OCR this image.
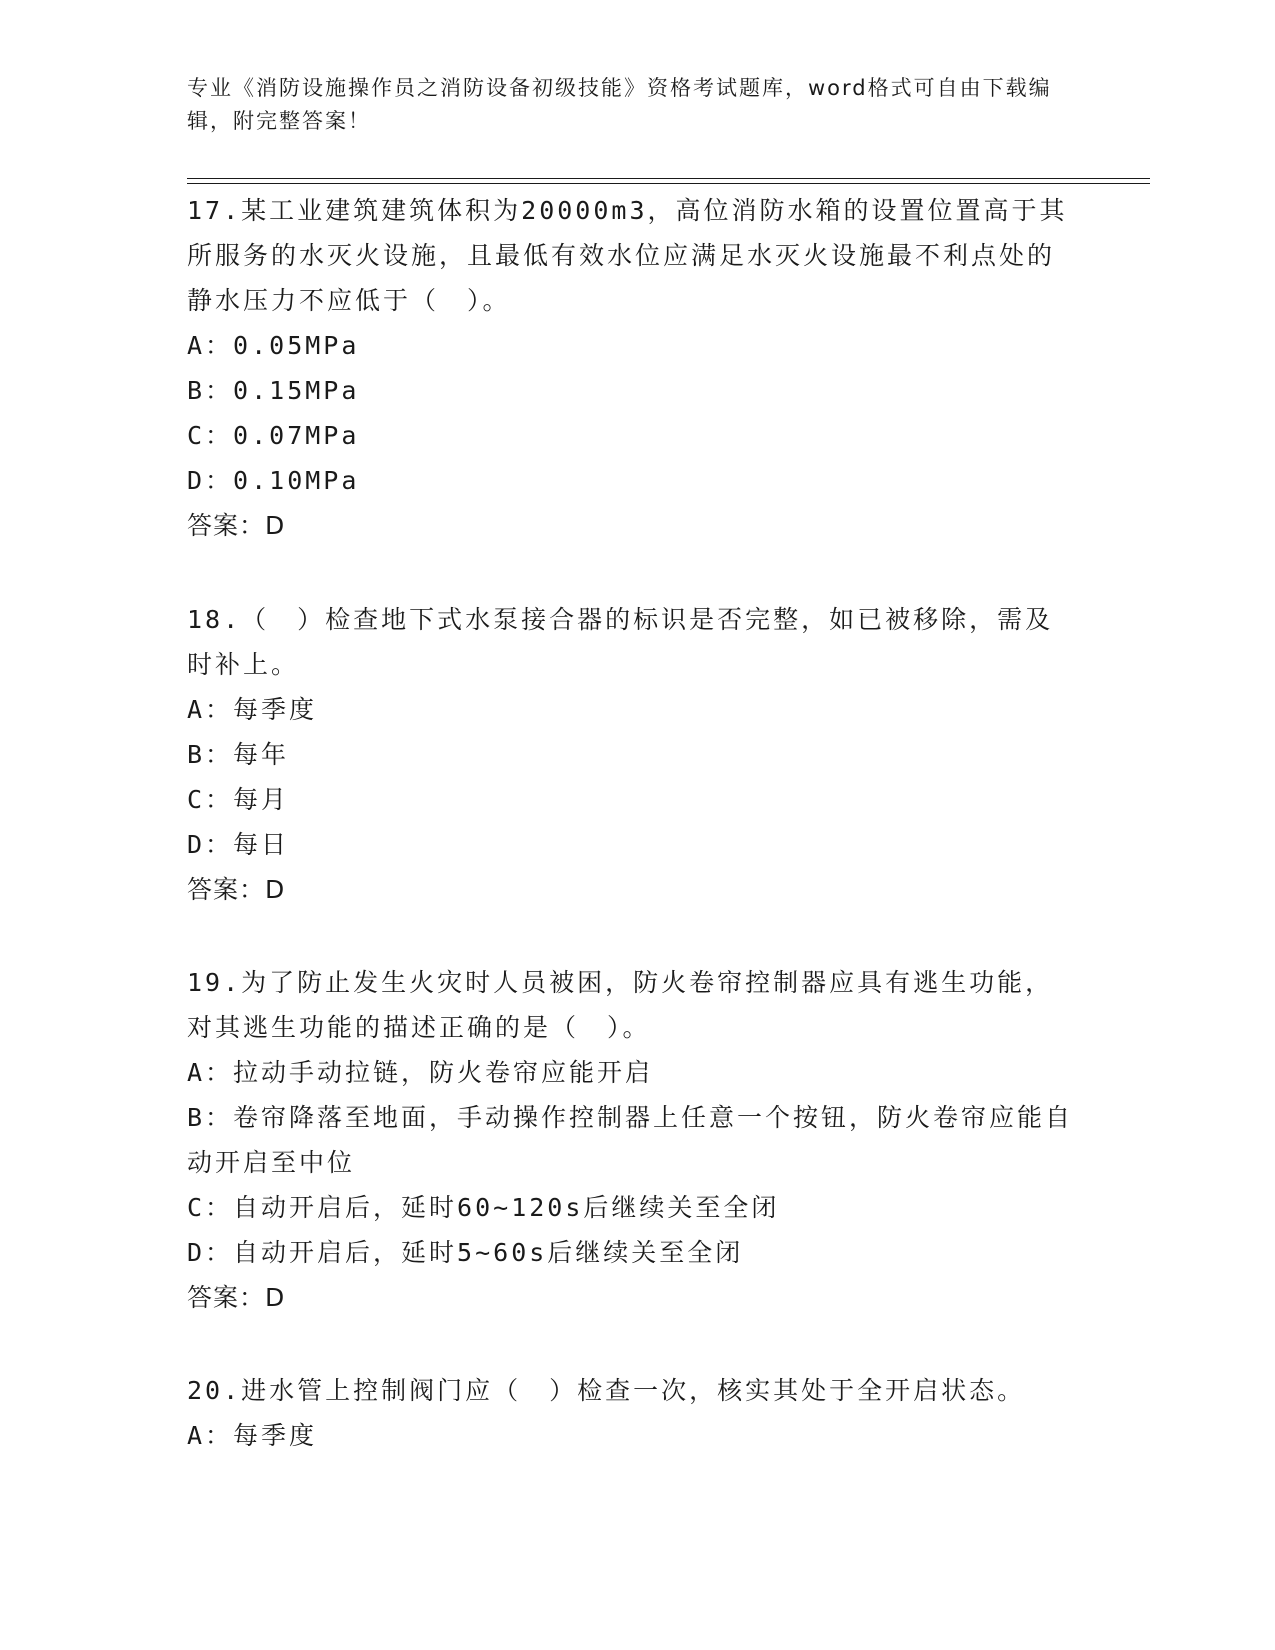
专业《消防设施操作员之消防设备初级技能》资格考试题库，word格式可自由下载编辑，附完整答案！

17.某工业建筑建筑体积为20000m3，高位消防水箱的设置位置高于其所服务的水灭火设施，且最低有效水位应满足水灭火设施最不利点处的静水压力不应低于（　）。

A：0.05MPa

B：0.15MPa

C：0.07MPa

D：0.10MPa

答案：D

18.（　）检查地下式水泵接合器的标识是否完整，如已被移除，需及时补上。

A：每季度

B：每年

C：每月

D：每日

答案：D

19.为了防止发生火灾时人员被困，防火卷帘控制器应具有逃生功能，对其逃生功能的描述正确的是（　）。

A：拉动手动拉链，防火卷帘应能开启

B：卷帘降落至地面，手动操作控制器上任意一个按钮，防火卷帘应能自动开启至中位

C：自动开启后，延时60~120s后继续关至全闭

D：自动开启后，延时5~60s后继续关至全闭

答案：D

20.进水管上控制阀门应（　）检查一次，核实其处于全开启状态。

A：每季度
